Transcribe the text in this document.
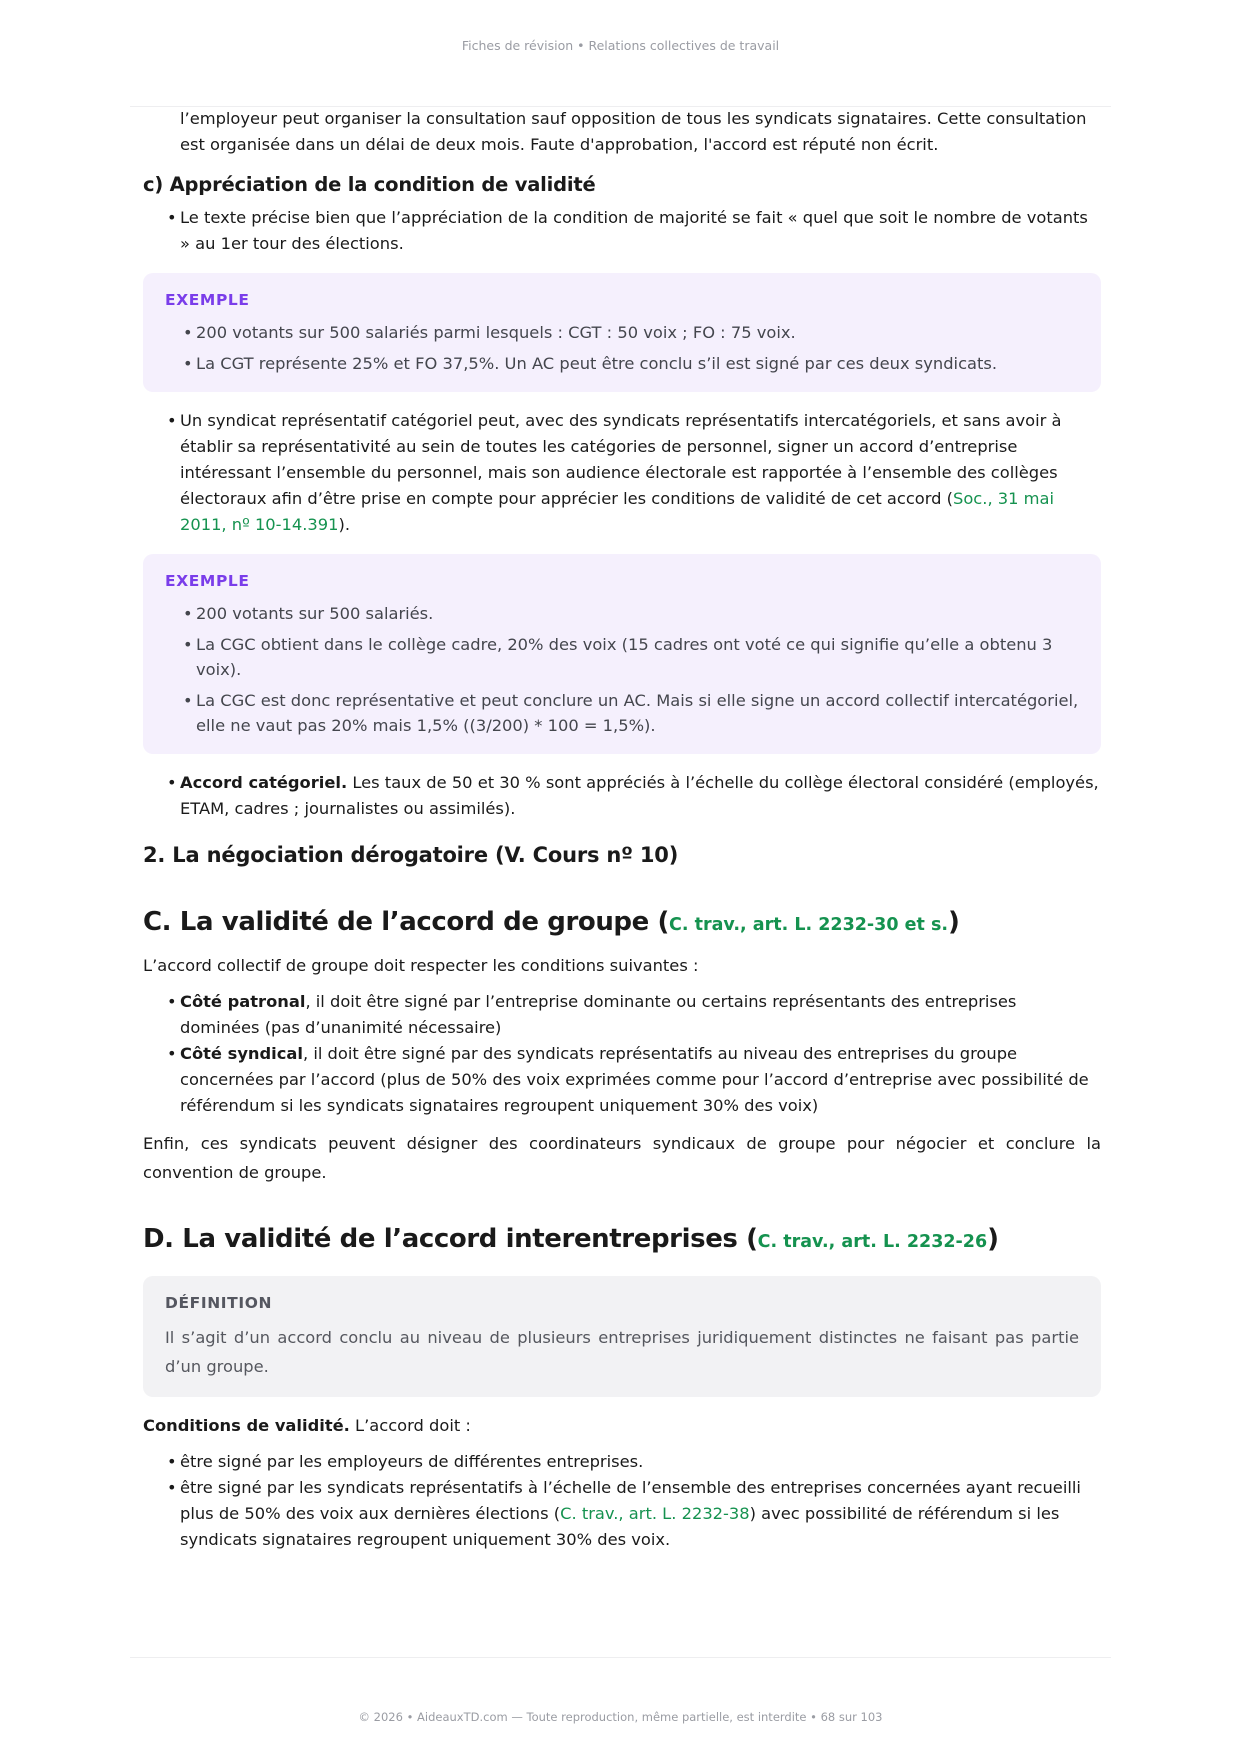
Fiches de révision • Relations collectives de travail

l’employeur peut organiser la consultation sauf opposition de tous les syndicats signataires. Cette consultation est organisée dans un délai de deux mois. Faute d'approbation, l'accord est réputé non écrit.

c) Appréciation de la condition de validité
• Le texte précise bien que l’appréciation de la condition de majorité se fait « quel que soit le nombre de votants » au 1er tour des élections.
EXEMPLE
• 200 votants sur 500 salariés parmi lesquels : CGT : 50 voix ; FO : 75 voix.
• La CGT représente 25% et FO 37,5%. Un AC peut être conclu s’il est signé par ces deux syndicats.
• Un syndicat représentatif catégoriel peut, avec des syndicats représentatifs intercatégoriels, et sans avoir à établir sa représentativité au sein de toutes les catégories de personnel, signer un accord d’entreprise intéressant l’ensemble du personnel, mais son audience électorale est rapportée à l’ensemble des collèges électoraux afin d’être prise en compte pour apprécier les conditions de validité de cet accord (Soc., 31 mai 2011, nº 10-14.391).
EXEMPLE
• 200 votants sur 500 salariés.
• La CGC obtient dans le collège cadre, 20% des voix (15 cadres ont voté ce qui signifie qu’elle a obtenu 3 voix).
• La CGC est donc représentative et peut conclure un AC. Mais si elle signe un accord collectif intercatégoriel, elle ne vaut pas 20% mais 1,5% ((3/200) * 100 = 1,5%).
• Accord catégoriel. Les taux de 50 et 30 % sont appréciés à l’échelle du collège électoral considéré (employés, ETAM, cadres ; journalistes ou assimilés).
2. La négociation dérogatoire (V. Cours nº 10)
C. La validité de l’accord de groupe (C. trav., art. L. 2232-30 et s.)

L’accord collectif de groupe doit respecter les conditions suivantes :

• Côté patronal, il doit être signé par l’entreprise dominante ou certains représentants des entreprises dominées (pas d’unanimité nécessaire)
• Côté syndical, il doit être signé par des syndicats représentatifs au niveau des entreprises du groupe concernées par l’accord (plus de 50% des voix exprimées comme pour l’accord d’entreprise avec possibilité de référendum si les syndicats signataires regroupent uniquement 30% des voix)

Enfin, ces syndicats peuvent désigner des coordinateurs syndicaux de groupe pour négocier et conclure la convention de groupe.

D. La validité de l’accord interentreprises (C. trav., art. L. 2232-26)
DÉFINITION

Il s’agit d’un accord conclu au niveau de plusieurs entreprises juridiquement distinctes ne faisant pas partie d’un groupe.

Conditions de validité. L’accord doit :

• être signé par les employeurs de différentes entreprises.
• être signé par les syndicats représentatifs à l’échelle de l’ensemble des entreprises concernées ayant recueilli plus de 50% des voix aux dernières élections (C. trav., art. L. 2232-38) avec possibilité de référendum si les syndicats signataires regroupent uniquement 30% des voix.
© 2026 • AideauxTD.com — Toute reproduction, même partielle, est interdite • 68 sur 103
